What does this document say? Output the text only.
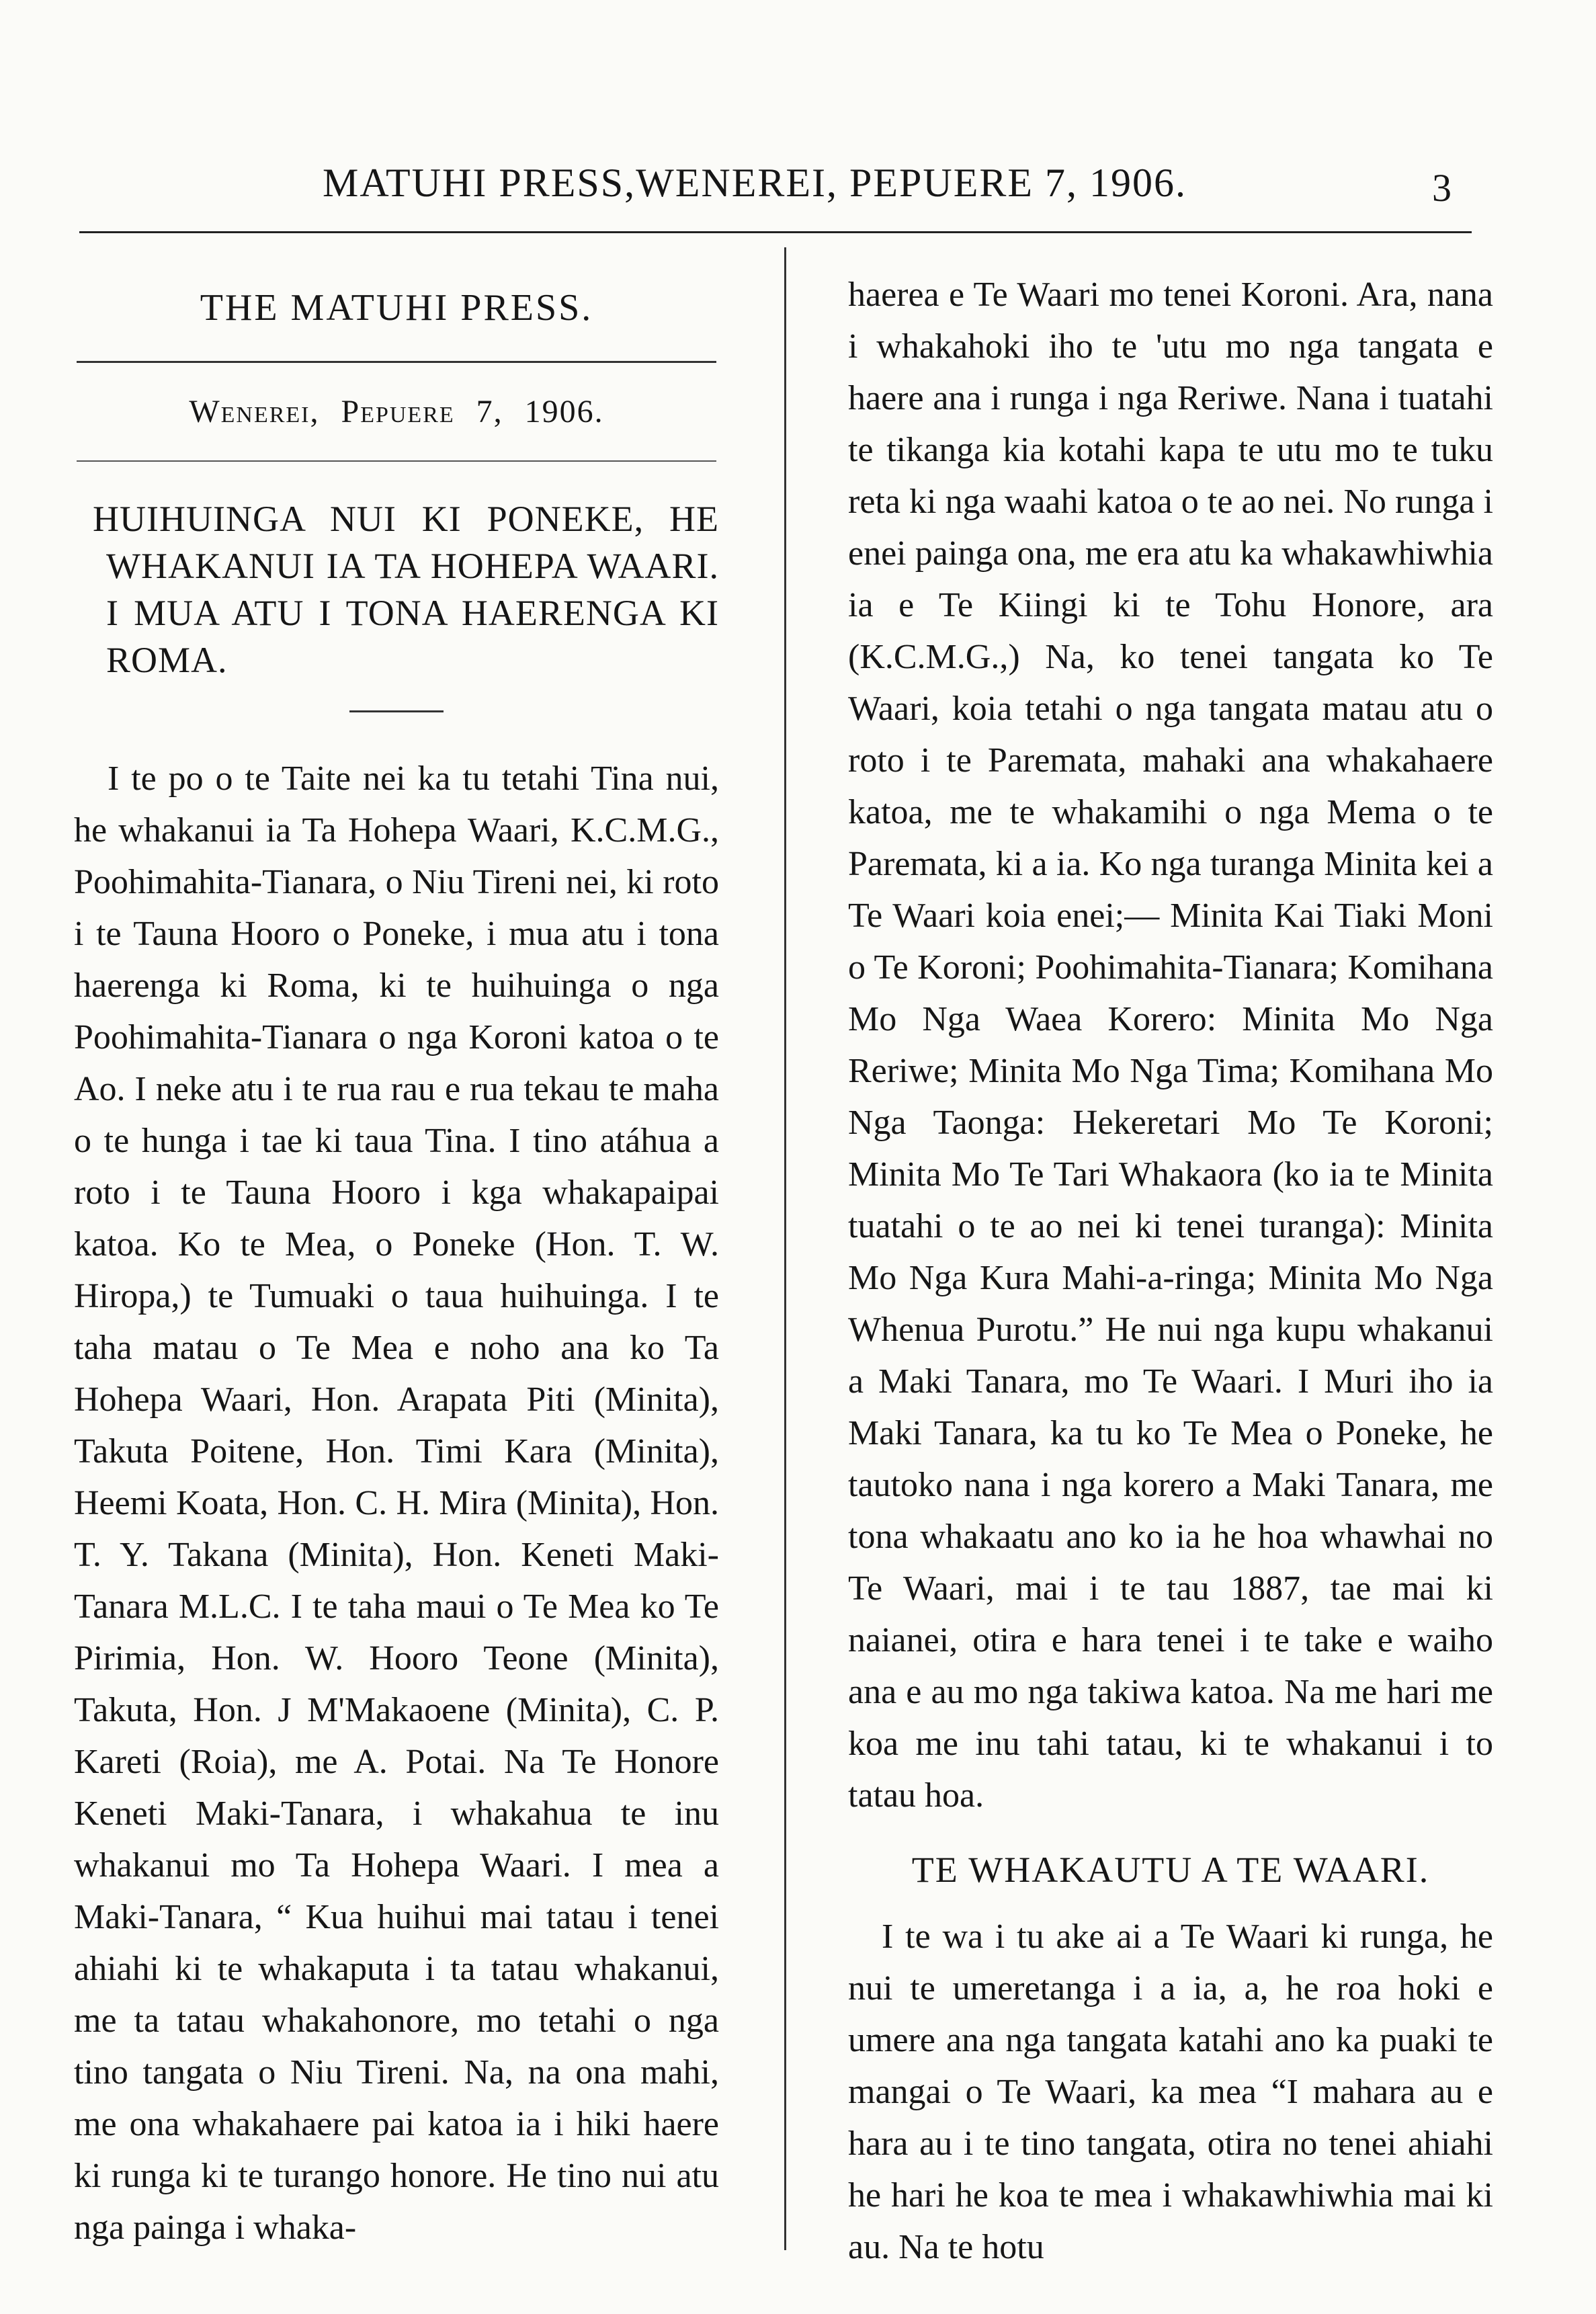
MATUHI PRESS,WENEREI, PEPUERE 7, 1906.	3
THE MATUHI PRESS.
Wenerei, Pepuere 7, 1906.
HUIHUINGA NUI KI PONEKE, HE WHAKANUI IA TA HOHEPA WAARI. I MUA ATU I TONA HAERENGA KI ROMA.

I te po o te Taite nei ka tu tetahi Tina nui, he whakanui ia Ta Hohepa Waari, K.C.M.G., Poohimahita-Tianara, o Niu Tireni nei, ki roto i te Tauna Hooro o Poneke, i mua atu i tona haerenga ki Roma, ki te huihuinga o nga Poohimahita-Tianara o nga Koroni katoa o te Ao. I neke atu i te rua rau e rua tekau te maha o te hunga i tae ki taua Tina. I tino atáhua a roto i te Tauna Hooro i kga whakapaipai katoa. Ko te Mea, o Poneke (Hon. T. W. Hiropa,) te Tumuaki o taua huihuinga. I te taha matau o Te Mea e noho ana ko Ta Hohepa Waari, Hon. Arapata Piti (Minita), Takuta Poitene, Hon. Timi Kara (Minita), Heemi Koata, Hon. C. H. Mira (Minita), Hon. T. Y. Takana (Minita), Hon. Keneti Maki-Tanara M.L.C. I te taha maui o Te Mea ko Te Pirimia, Hon. W. Hooro Teone (Minita), Takuta, Hon. J M'Makaoene (Minita), C. P. Kareti (Roia), me A. Potai. Na Te Honore Keneti Maki-Tanara, i whakahua te inu whakanui mo Ta Hohepa Waari. I mea a Maki-Tanara, “ Kua huihui mai tatau i tenei ahiahi ki te whakaputa i ta tatau whakanui, me ta tatau whakahonore, mo tetahi o nga tino tangata o Niu Tireni. Na, na ona mahi, me ona whakahaere pai katoa ia i hiki haere ki runga ki te turango honore. He tino nui atu nga painga i whaka-

haerea e Te Waari mo tenei Koroni. Ara, nana i whakahoki iho te 'utu mo nga tangata e haere ana i runga i nga Reriwe. Nana i tuatahi te tikanga kia kotahi kapa te utu mo te tuku reta ki nga waahi katoa o te ao nei. No runga i enei painga ona, me era atu ka whakawhiwhia ia e Te Kiingi ki te Tohu Honore, ara (K.C.M.G.,) Na, ko tenei tangata ko Te Waari, koia tetahi o nga tangata matau atu o roto i te Paremata, mahaki ana whakahaere katoa, me te whakamihi o nga Mema o te Paremata, ki a ia. Ko nga turanga Minita kei a Te Waari koia enei;— Minita Kai Tiaki Moni o Te Koroni; Poohimahita-Tianara; Komihana Mo Nga Waea Korero: Minita Mo Nga Reriwe; Minita Mo Nga Tima; Komihana Mo Nga Taonga: Hekeretari Mo Te Koroni; Minita Mo Te Tari Whakaora (ko ia te Minita tuatahi o te ao nei ki tenei turanga): Minita Mo Nga Kura Mahi-a-ringa; Minita Mo Nga Whenua Purotu.” He nui nga kupu whakanui a Maki Tanara, mo Te Waari. I Muri iho ia Maki Tanara, ka tu ko Te Mea o Poneke, he tautoko nana i nga korero a Maki Tanara, me tona whakaatu ano ko ia he hoa whawhai no Te Waari, mai i te tau 1887, tae mai ki naianei, otira e hara tenei i te take e waiho ana e au mo nga takiwa katoa. Na me hari me koa me inu tahi tatau, ki te whakanui i to tatau hoa.

TE WHAKAUTU A TE WAARI.

I te wa i tu ake ai a Te Waari ki runga, he nui te umeretanga i a ia, a, he roa hoki e umere ana nga tangata katahi ano ka puaki te mangai o Te Waari, ka mea “I mahara au e hara au i te tino tangata, otira no tenei ahiahi he hari he koa te mea i whakawhiwhia mai ki au. Na te hotu
